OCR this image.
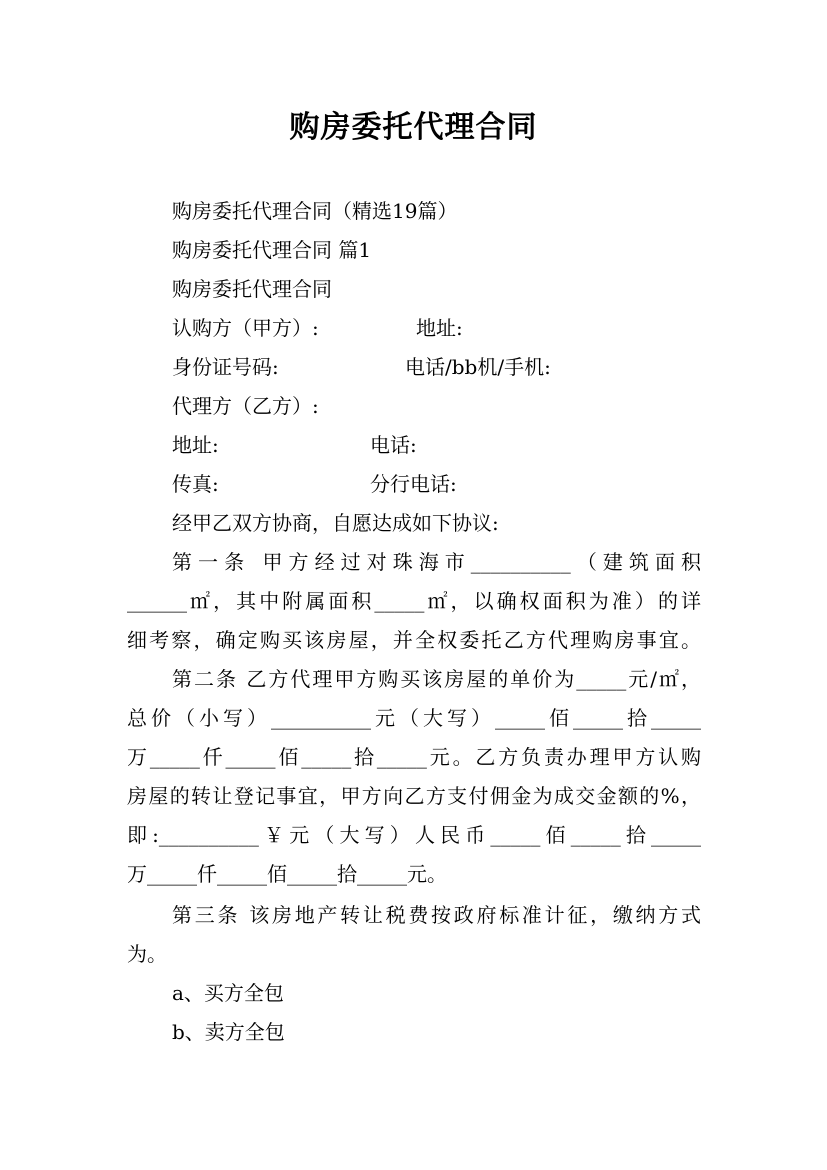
购房委托代理合同
购房委托代理合同（精选19篇）
购房委托代理合同 篇1
购房委托代理合同
认购方（甲方）:	地址:
身份证号码:	电话/bb机/手机:
代理方（乙方）:
地址:	电话:
传真:	分行电话:
经甲乙双方协商，自愿达成如下协议:
第一条 甲方经过对珠海市__________（建筑面积
______㎡，其中附属面积_____㎡，以确权面积为准）的详
细考察，确定购买该房屋，并全权委托乙方代理购房事宜。
第二条 乙方代理甲方购买该房屋的单价为_____元/㎡，
总价（小写）__________元（大写）_____佰_____拾_____
万_____仟_____佰_____拾_____元。乙方负责办理甲方认购
房屋的转让登记事宜，甲方向乙方支付佣金为成交金额的%，
即:__________￥元（大写）人民币_____佰_____拾_____
万_____仟_____佰_____拾_____元。
第三条 该房地产转让税费按政府标准计征，缴纳方式
为。
a、买方全包
b、卖方全包
